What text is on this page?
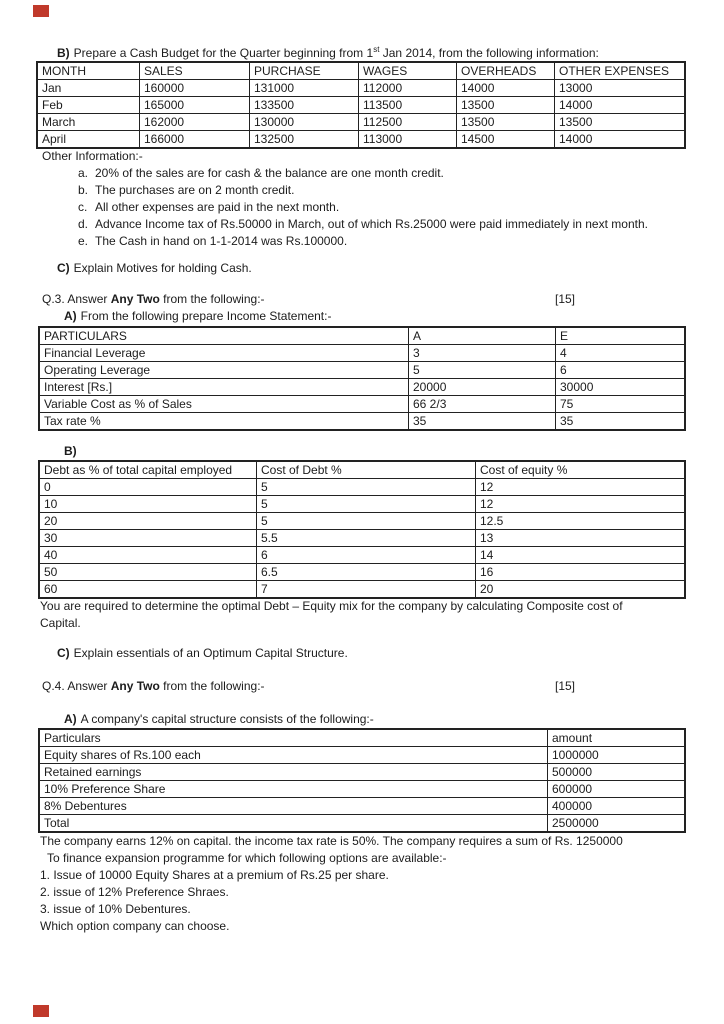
B) Prepare a Cash Budget for the Quarter beginning from 1st Jan 2014, from the following information:
MONTH	SALES	PURCHASE	WAGES	OVERHEADS	OTHER EXPENSES
Jan	160000	131000	112000	14000	13000
Feb	165000	133500	113500	13500	14000
March	162000	130000	112500	13500	13500
April	166000	132500	113000	14500	14000
Other Information:-
a. 20% of the sales are for cash & the balance are one month credit.
b. The purchases are on 2 month credit.
c. All other expenses are paid in the next month.
d. Advance Income tax of Rs.50000 in March, out of which Rs.25000 were paid immediately in next month.
e. The Cash in hand on 1-1-2014 was Rs.100000.
C) Explain Motives for holding Cash.
Q.3. Answer Any Two from the following:-	[15]
A) From the following prepare Income Statement:-
PARTICULARS	A	E
Financial Leverage	3	4
Operating Leverage	5	6
Interest [Rs.]	20000	30000
Variable Cost as % of Sales	66 2/3	75
Tax rate %	35	35
B)
Debt as % of total capital employed	Cost of Debt %	Cost of equity %
0	5	12
10	5	12
20	5	12.5
30	5.5	13
40	6	14
50	6.5	16
60	7	20
You are required to determine the optimal Debt – Equity mix for the company by calculating Composite cost of Capital.
C) Explain essentials of an Optimum Capital Structure.
Q.4. Answer Any Two from the following:-	[15]
A) A company's capital structure consists of the following:-
Particulars	amount
Equity shares of Rs.100 each	1000000
Retained earnings	500000
10% Preference Share	600000
8% Debentures	400000
Total	2500000
The company earns 12% on capital. the income tax rate is 50%. The company requires a sum of Rs. 1250000
To finance expansion programme for which following options are available:-
1. Issue of 10000 Equity Shares at a premium of Rs.25 per share.
2. issue of 12% Preference Shraes.
3. issue of 10% Debentures.
Which option company can choose.
